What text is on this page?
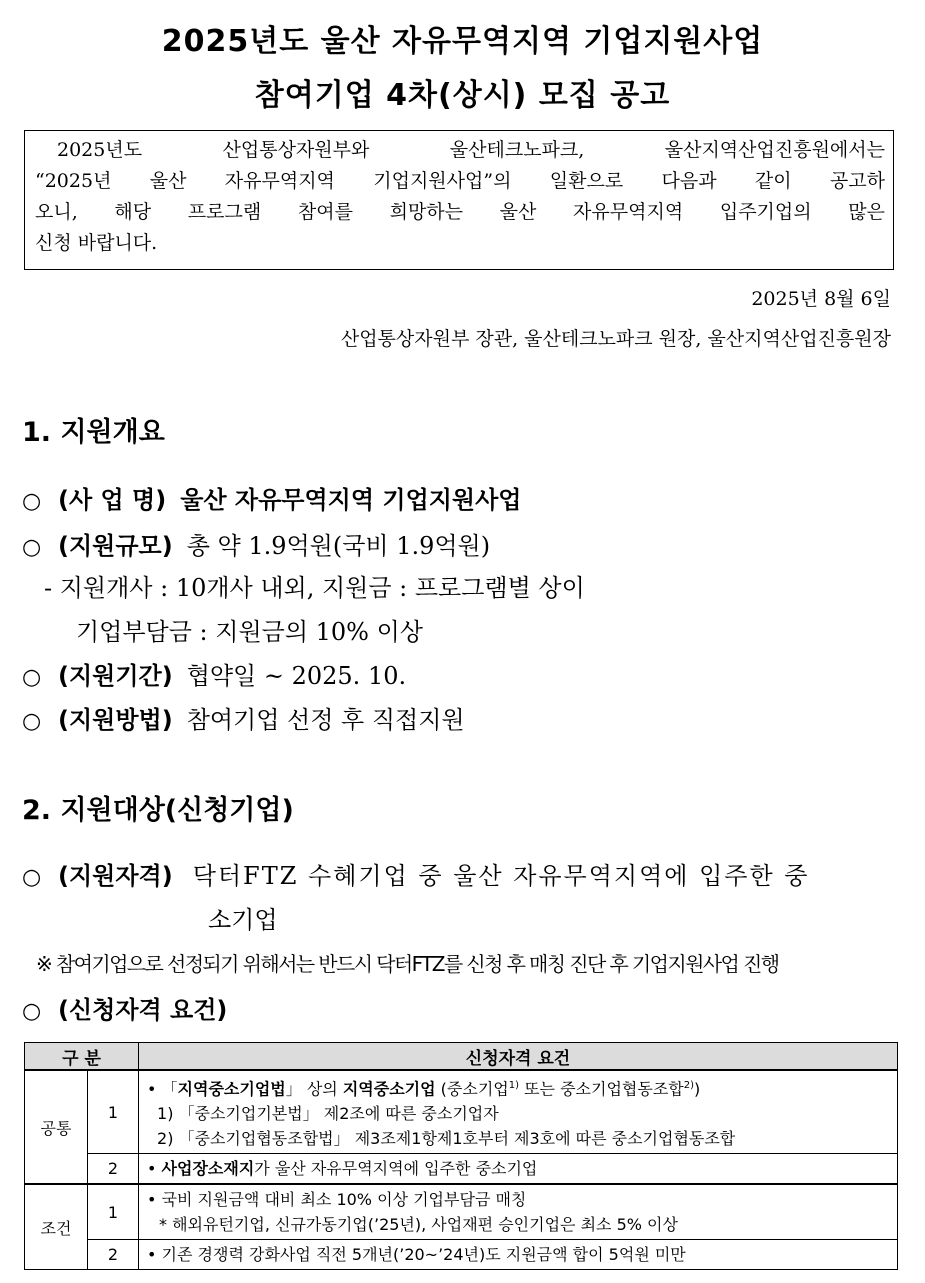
2025년도 울산 자유무역지역 기업지원사업
참여기업 4차(상시) 모집 공고
2025년도 산업통상자원부와 울산테크노파크, 울산지역산업진흥원에서는
“2025년 울산 자유무역지역 기업지원사업”의 일환으로 다음과 같이 공고하
오니, 해당 프로그램 참여를 희망하는 울산 자유무역지역 입주기업의 많은
신청 바랍니다.
2025년 8월 6일
산업통상자원부 장관, 울산테크노파크 원장, 울산지역산업진흥원장
1. 지원개요
○ (사 업 명) 울산 자유무역지역 기업지원사업
○ (지원규모) 총 약 1.9억원(국비 1.9억원)
- 지원개사 : 10개사 내외, 지원금 : 프로그램별 상이
기업부담금 : 지원금의 10% 이상
○ (지원기간) 협약일 ~ 2025. 10.
○ (지원방법) 참여기업 선정 후 직접지원
2. 지원대상(신청기업)
○ (지원자격) 닥터FTZ 수혜기업 중 울산 자유무역지역에 입주한 중
소기업
※ 참여기업으로 선정되기 위해서는 반드시 닥터FTZ를 신청 후 매칭 진단 후 기업지원사업 진행
○ (신청자격 요건)
구 분		신청자격 요건
공통	1	• 「지역중소기업법」 상의 지역중소기업 (중소기업$^{1)}$ 또는 중소기업협동조합$^{2)}$)
1) 「중소기업기본법」 제2조에 따른 중소기업자
2) 「중소기업협동조합법」 제3조제1항제1호부터 제3호에 따른 중소기업협동조합

	2	• 사업장소재지가 울산 자유무역지역에 입주한 중소기업
조건	1	• 국비 지원금액 대비 최소 10% 이상 기업부담금 매칭
* 해외유턴기업, 신규가동기업(’25년), 사업재편 승인기업은 최소 5% 이상

	2	• 기존 경쟁력 강화사업 직전 5개년(’20~’24년)도 지원금액 합이 5억원 미만
